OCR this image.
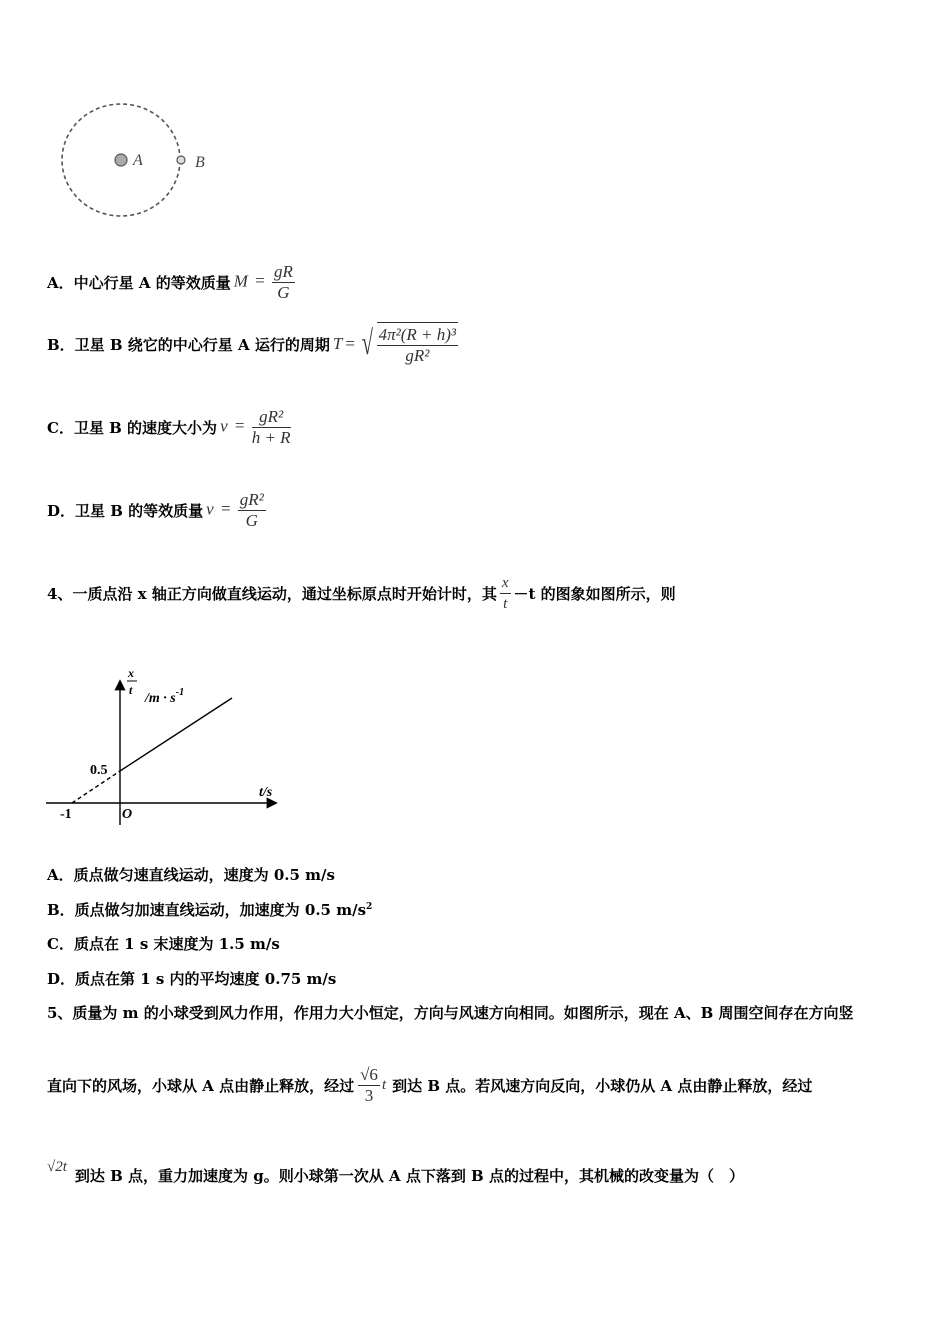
A	B
A．中心行星 A 的等效质量 $M = \frac{gR}{G}$
B．卫星 B 绕它的中心行星 A 运行的周期 T = √ $\frac{\text{4π²(R + h)³}}{\text{gR²}}$
C．卫星 B 的速度大小为 $v = \frac{\text{gR²}}{h + R}$
D．卫星 B 的等效质量 $v = \frac{\text{gR²}}{G}$
4、 一质点沿 x 轴正方向做直线运动，通过坐标原点时开始计时，其 $\frac{x}{t} -t$ 的图象如图所示，则
x
t
$/m \cdot s^{-1}$
t/s
0.5
-1	O
A．质点做匀速直线运动，速度为 0.5 m/s
B．质点做匀加速直线运动，加速度为 0.5 $m/s^2$
C．质点在 1 s 末速度为 1.5 m/s
D．质点在第 1 s 内的平均速度 0.75 m/s
5、质量为 m 的小球受到风力作用，作用力大小恒定，方向与风速方向相同。如图所示，现在 A、B 周围空间存在方向竖
直向下的风场，小球从 A 点由静止释放，经过 $\frac{√6}{3}$ t 到达 B 点。若风速方向反向，小球仍从 A 点由静止释放，经过
√2t 到达 B 点，重力加速度为 g。则小球第一次从 A 点下落到 B 点的过程中，其机械的改变量为（　）
